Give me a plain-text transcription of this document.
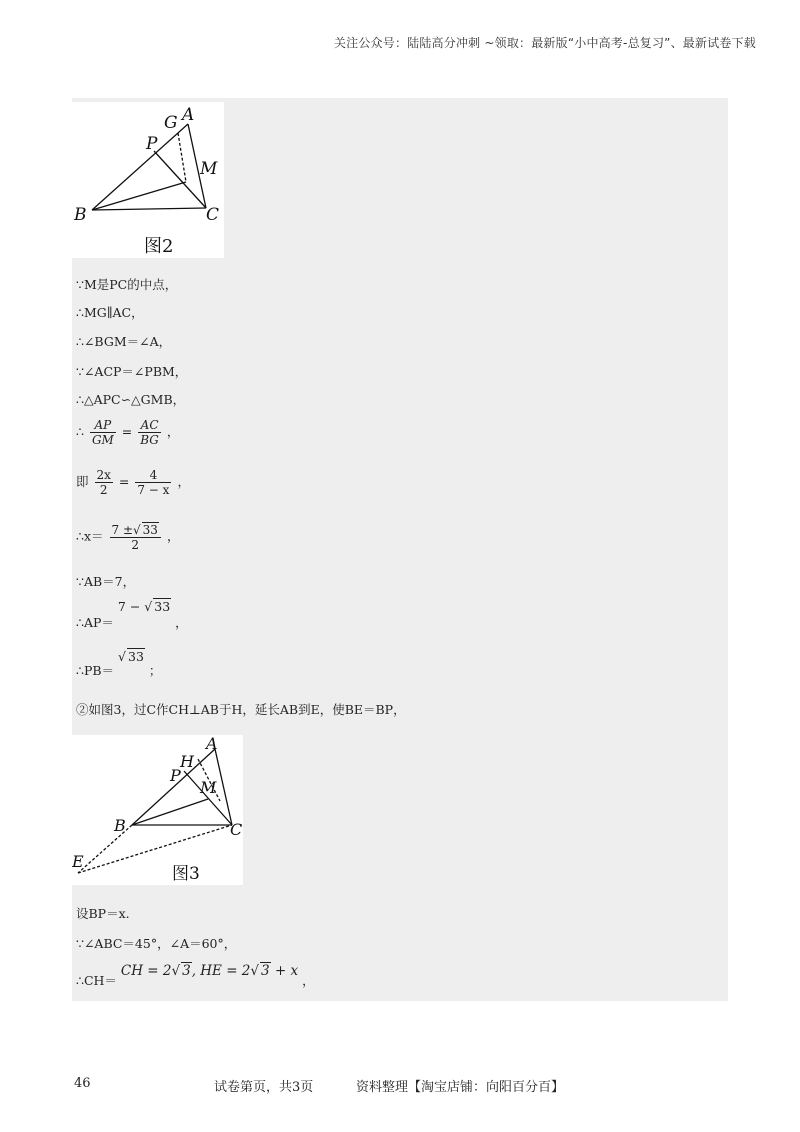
关注公众号：陆陆高分冲刺 ~领取：最新版“小中高考-总复习”、最新试卷下载
G A
P
M
B	C
图2
∵M是PC的中点，
∴MG∥AC，
∴∠BGM＝∠A，
∵∠ACP＝∠PBM，
∴△APC∽△GMB，
∴ $\frac{AP}{GM} = \frac{AC}{BG}$ ，
即 $\frac{2x}{2} = \frac{4}{7 - x}$ ，
∴x＝ $\frac{7 \pm√ 33}{2}$ ，
∵AB＝7，
∴AP＝ 7 − √ 33 ，
∴PB＝ √ 33 ；
②如图3，过C作CH⊥AB于H，延长AB到E，使BE＝BP，
A
H
P
M
B	C
E
图3
设BP＝x.
∵∠ABC＝45°，∠A＝60°，
∴CH＝ CH = 2√ 3, HE = 2√ 3 + x ，
46	试卷第页，共3页	资料整理【淘宝店铺：向阳百分百】
